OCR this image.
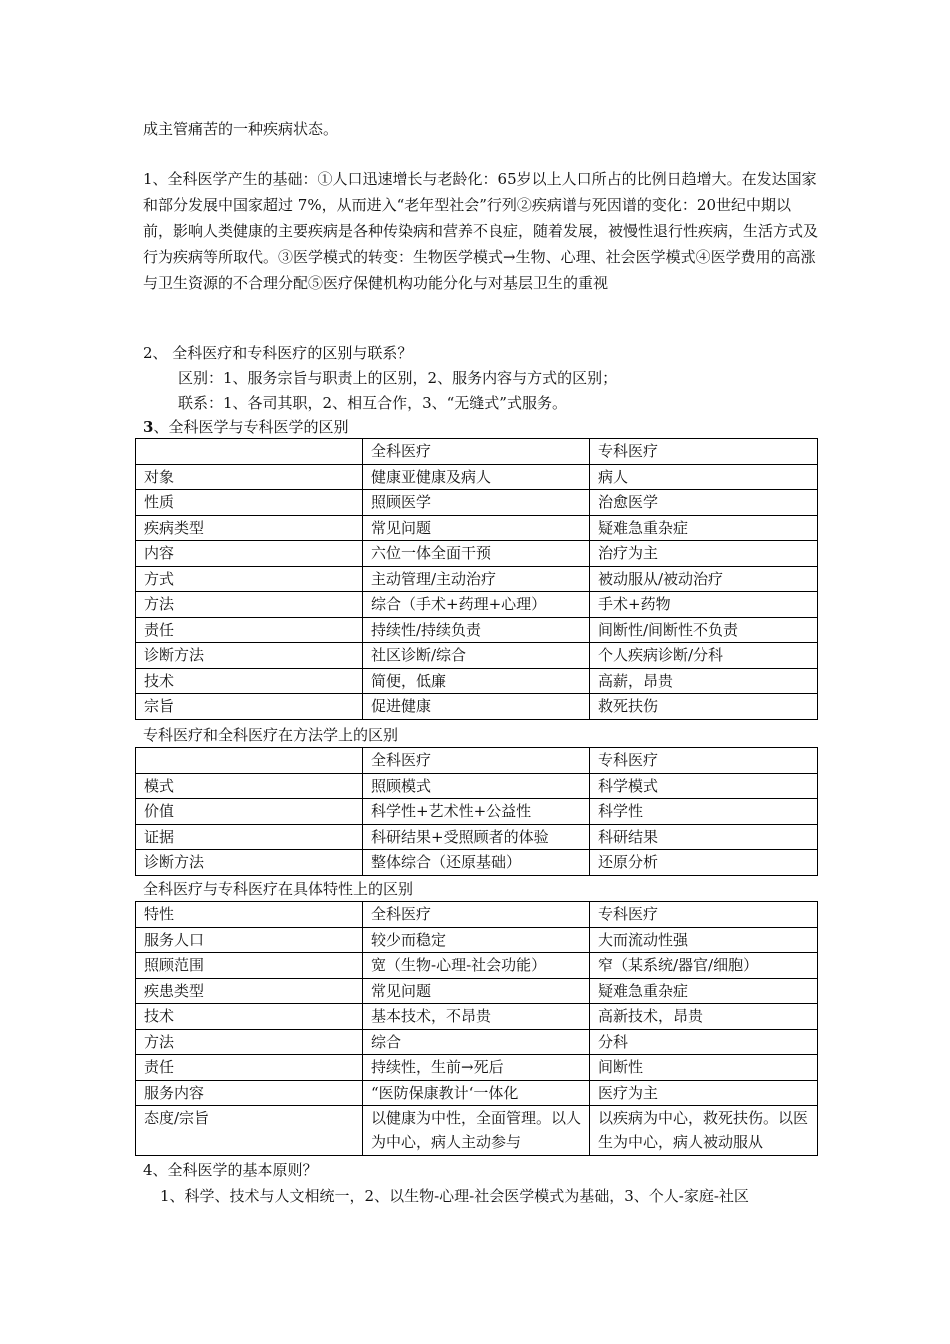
成主管痛苦的一种疾病状态。
1、全科医学产生的基础：①人口迅速增长与老龄化：65岁以上人口所占的比例日趋增大。在发达国家和部分发展中国家超过 7%，从而进入“老年型社会”行列②疾病谱与死因谱的变化：20世纪中期以前，影响人类健康的主要疾病是各种传染病和营养不良症，随着发展，被慢性退行性疾病，生活方式及行为疾病等所取代。③医学模式的转变：生物医学模式→生物、心理、社会医学模式④医学费用的高涨与卫生资源的不合理分配⑤医疗保健机构功能分化与对基层卫生的重视
2、 全科医疗和专科医疗的区别与联系？
区别：1、服务宗旨与职责上的区别，2、服务内容与方式的区别；
联系：1、各司其职，2、相互合作，3、“无缝式”式服务。
3、全科医学与专科医学的区别
	全科医疗	专科医疗
对象	健康亚健康及病人	病人
性质	照顾医学	治愈医学
疾病类型	常见问题	疑难急重杂症
内容	六位一体全面干预	治疗为主
方式	主动管理/主动治疗	被动服从/被动治疗
方法	综合（手术+药理+心理）	手术+药物
责任	持续性/持续负责	间断性/间断性不负责
诊断方法	社区诊断/综合	个人疾病诊断/分科
技术	简便，低廉	高薪，昂贵
宗旨	促进健康	救死扶伤
专科医疗和全科医疗在方法学上的区别
	全科医疗	专科医疗
模式	照顾模式	科学模式
价值	科学性+艺术性+公益性	科学性
证据	科研结果+受照顾者的体验	科研结果
诊断方法	整体综合（还原基础）	还原分析
全科医疗与专科医疗在具体特性上的区别
特性	全科医疗	专科医疗
服务人口	较少而稳定	大而流动性强
照顾范围	宽（生物-心理-社会功能）	窄（某系统/器官/细胞）
疾患类型	常见问题	疑难急重杂症
技术	基本技术，不昂贵	高新技术，昂贵
方法	综合	分科
责任	持续性，生前→死后	间断性
服务内容	“医防保康教计‘一体化	医疗为主
态度/宗旨	以健康为中性，全面管理。以人为中心，病人主动参与	以疾病为中心，救死扶伤。以医生为中心，病人被动服从
4、全科医学的基本原则？
1、科学、技术与人文相统一，2、以生物-心理-社会医学模式为基础，3、个人-家庭-社区
